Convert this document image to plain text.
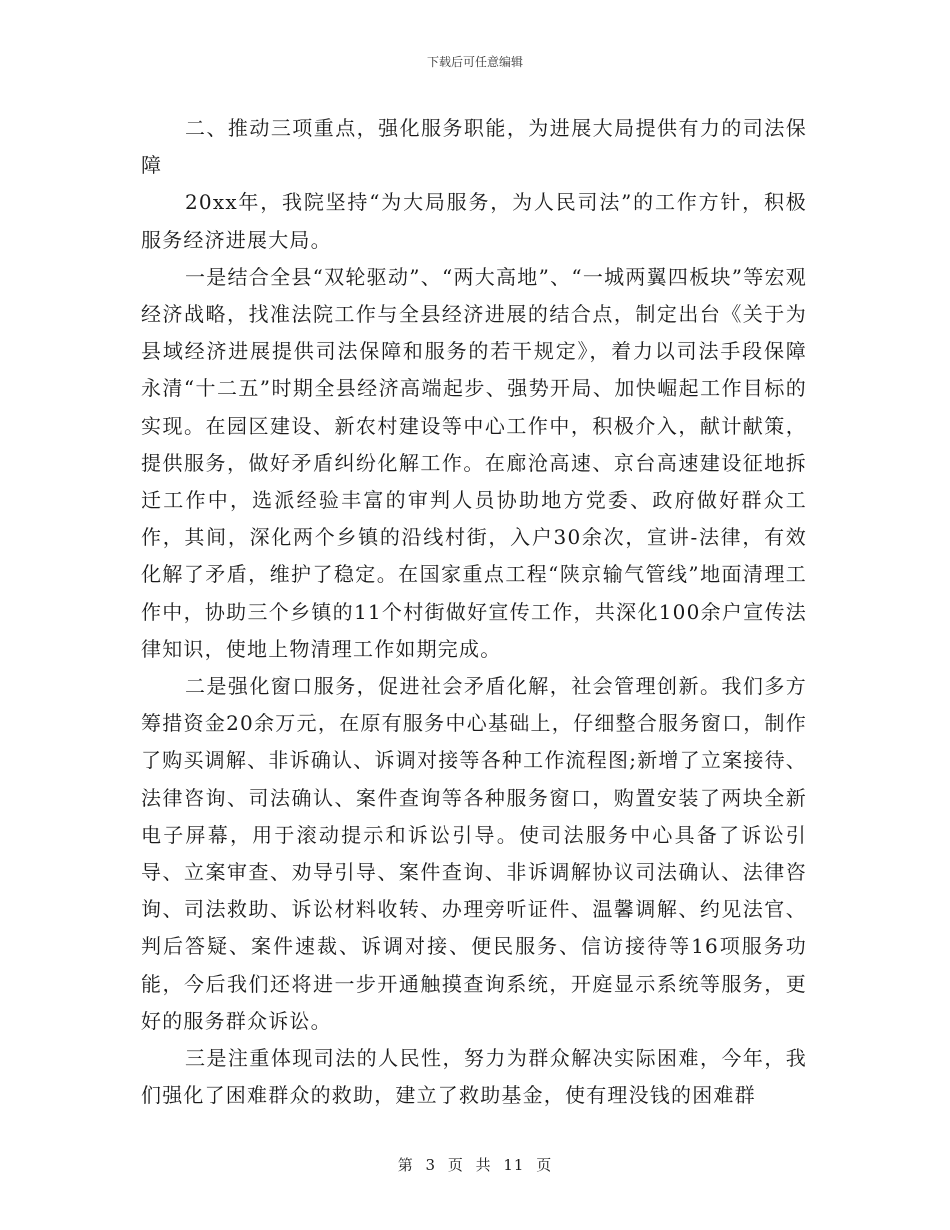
下载后可任意编辑

二、推动三项重点，强化服务职能，为进展大局提供有力的司法保障

20xx年，我院坚持“为大局服务，为人民司法”的工作方针，积极服务经济进展大局。

一是结合全县“双轮驱动”、“两大高地”、“一城两翼四板块”等宏观经济战略，找准法院工作与全县经济进展的结合点，制定出台《关于为县域经济进展提供司法保障和服务的若干规定》，着力以司法手段保障永清“十二五”时期全县经济高端起步、强势开局、加快崛起工作目标的实现。在园区建设、新农村建设等中心工作中，积极介入，献计献策，提供服务，做好矛盾纠纷化解工作。在廊沧高速、京台高速建设征地拆迁工作中，选派经验丰富的审判人员协助地方党委、政府做好群众工作，其间，深化两个乡镇的沿线村街，入户30余次，宣讲-法律，有效化解了矛盾，维护了稳定。在国家重点工程“陕京输气管线”地面清理工作中，协助三个乡镇的11个村街做好宣传工作，共深化100余户宣传法律知识，使地上物清理工作如期完成。

二是强化窗口服务，促进社会矛盾化解，社会管理创新。我们多方筹措资金20余万元，在原有服务中心基础上，仔细整合服务窗口，制作了购买调解、非诉确认、诉调对接等各种工作流程图;新增了立案接待、法律咨询、司法确认、案件查询等各种服务窗口，购置安装了两块全新电子屏幕，用于滚动提示和诉讼引导。使司法服务中心具备了诉讼引导、立案审查、劝导引导、案件查询、非诉调解协议司法确认、法律咨询、司法救助、诉讼材料收转、办理旁听证件、温馨调解、约见法官、判后答疑、案件速裁、诉调对接、便民服务、信访接待等16项服务功能，今后我们还将进一步开通触摸查询系统，开庭显示系统等服务，更好的服务群众诉讼。

三是注重体现司法的人民性，努力为群众解决实际困难，今年，我们强化了困难群众的救助，建立了救助基金，使有理没钱的困难群

第 3 页 共 11 页
